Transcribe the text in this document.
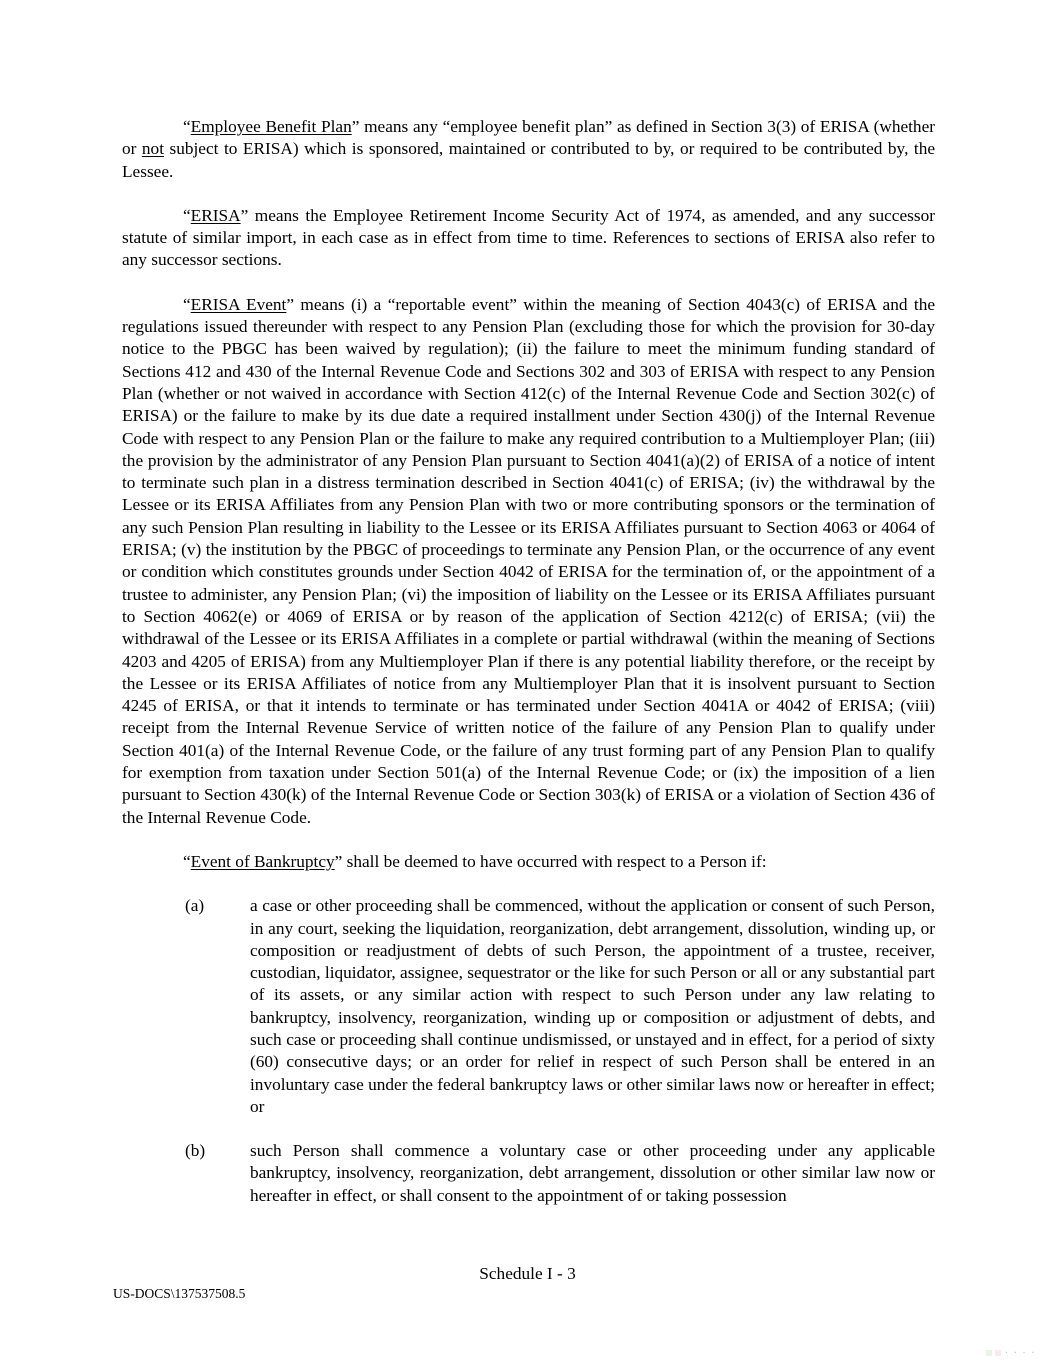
“Employee Benefit Plan” means any “employee benefit plan” as defined in Section 3(3) of ERISA (whether or not subject to ERISA) which is sponsored, maintained or contributed to by, or required to be contributed by, the Lessee.
“ERISA” means the Employee Retirement Income Security Act of 1974, as amended, and any successor statute of similar import, in each case as in effect from time to time. References to sections of ERISA also refer to any successor sections.
“ERISA Event” means (i) a “reportable event” within the meaning of Section 4043(c) of ERISA and the regulations issued thereunder with respect to any Pension Plan (excluding those for which the provision for 30-day notice to the PBGC has been waived by regulation); (ii) the failure to meet the minimum funding standard of Sections 412 and 430 of the Internal Revenue Code and Sections 302 and 303 of ERISA with respect to any Pension Plan (whether or not waived in accordance with Section 412(c) of the Internal Revenue Code and Section 302(c) of ERISA) or the failure to make by its due date a required installment under Section 430(j) of the Internal Revenue Code with respect to any Pension Plan or the failure to make any required contribution to a Multiemployer Plan; (iii) the provision by the administrator of any Pension Plan pursuant to Section 4041(a)(2) of ERISA of a notice of intent to terminate such plan in a distress termination described in Section 4041(c) of ERISA; (iv) the withdrawal by the Lessee or its ERISA Affiliates from any Pension Plan with two or more contributing sponsors or the termination of any such Pension Plan resulting in liability to the Lessee or its ERISA Affiliates pursuant to Section 4063 or 4064 of ERISA; (v) the institution by the PBGC of proceedings to terminate any Pension Plan, or the occurrence of any event or condition which constitutes grounds under Section 4042 of ERISA for the termination of, or the appointment of a trustee to administer, any Pension Plan; (vi) the imposition of liability on the Lessee or its ERISA Affiliates pursuant to Section 4062(e) or 4069 of ERISA or by reason of the application of Section 4212(c) of ERISA; (vii) the withdrawal of the Lessee or its ERISA Affiliates in a complete or partial withdrawal (within the meaning of Sections 4203 and 4205 of ERISA) from any Multiemployer Plan if there is any potential liability therefore, or the receipt by the Lessee or its ERISA Affiliates of notice from any Multiemployer Plan that it is insolvent pursuant to Section 4245 of ERISA, or that it intends to terminate or has terminated under Section 4041A or 4042 of ERISA; (viii) receipt from the Internal Revenue Service of written notice of the failure of any Pension Plan to qualify under Section 401(a) of the Internal Revenue Code, or the failure of any trust forming part of any Pension Plan to qualify for exemption from taxation under Section 501(a) of the Internal Revenue Code; or (ix) the imposition of a lien pursuant to Section 430(k) of the Internal Revenue Code or Section 303(k) of ERISA or a violation of Section 436 of the Internal Revenue Code.
“Event of Bankruptcy” shall be deemed to have occurred with respect to a Person if:
(a)	a case or other proceeding shall be commenced, without the application or consent of such Person, in any court, seeking the liquidation, reorganization, debt arrangement, dissolution, winding up, or composition or readjustment of debts of such Person, the appointment of a trustee, receiver, custodian, liquidator, assignee, sequestrator or the like for such Person or all or any substantial part of its assets, or any similar action with respect to such Person under any law relating to bankruptcy, insolvency, reorganization, winding up or composition or adjustment of debts, and such case or proceeding shall continue undismissed, or unstayed and in effect, for a period of sixty (60) consecutive days; or an order for relief in respect of such Person shall be entered in an involuntary case under the federal bankruptcy laws or other similar laws now or hereafter in effect; or
(b)	such Person shall commence a voluntary case or other proceeding under any applicable bankruptcy, insolvency, reorganization, debt arrangement, dissolution or other similar law now or hereafter in effect, or shall consent to the appointment of or taking possession
Schedule I - 3
US-DOCS\137537508.5
····
